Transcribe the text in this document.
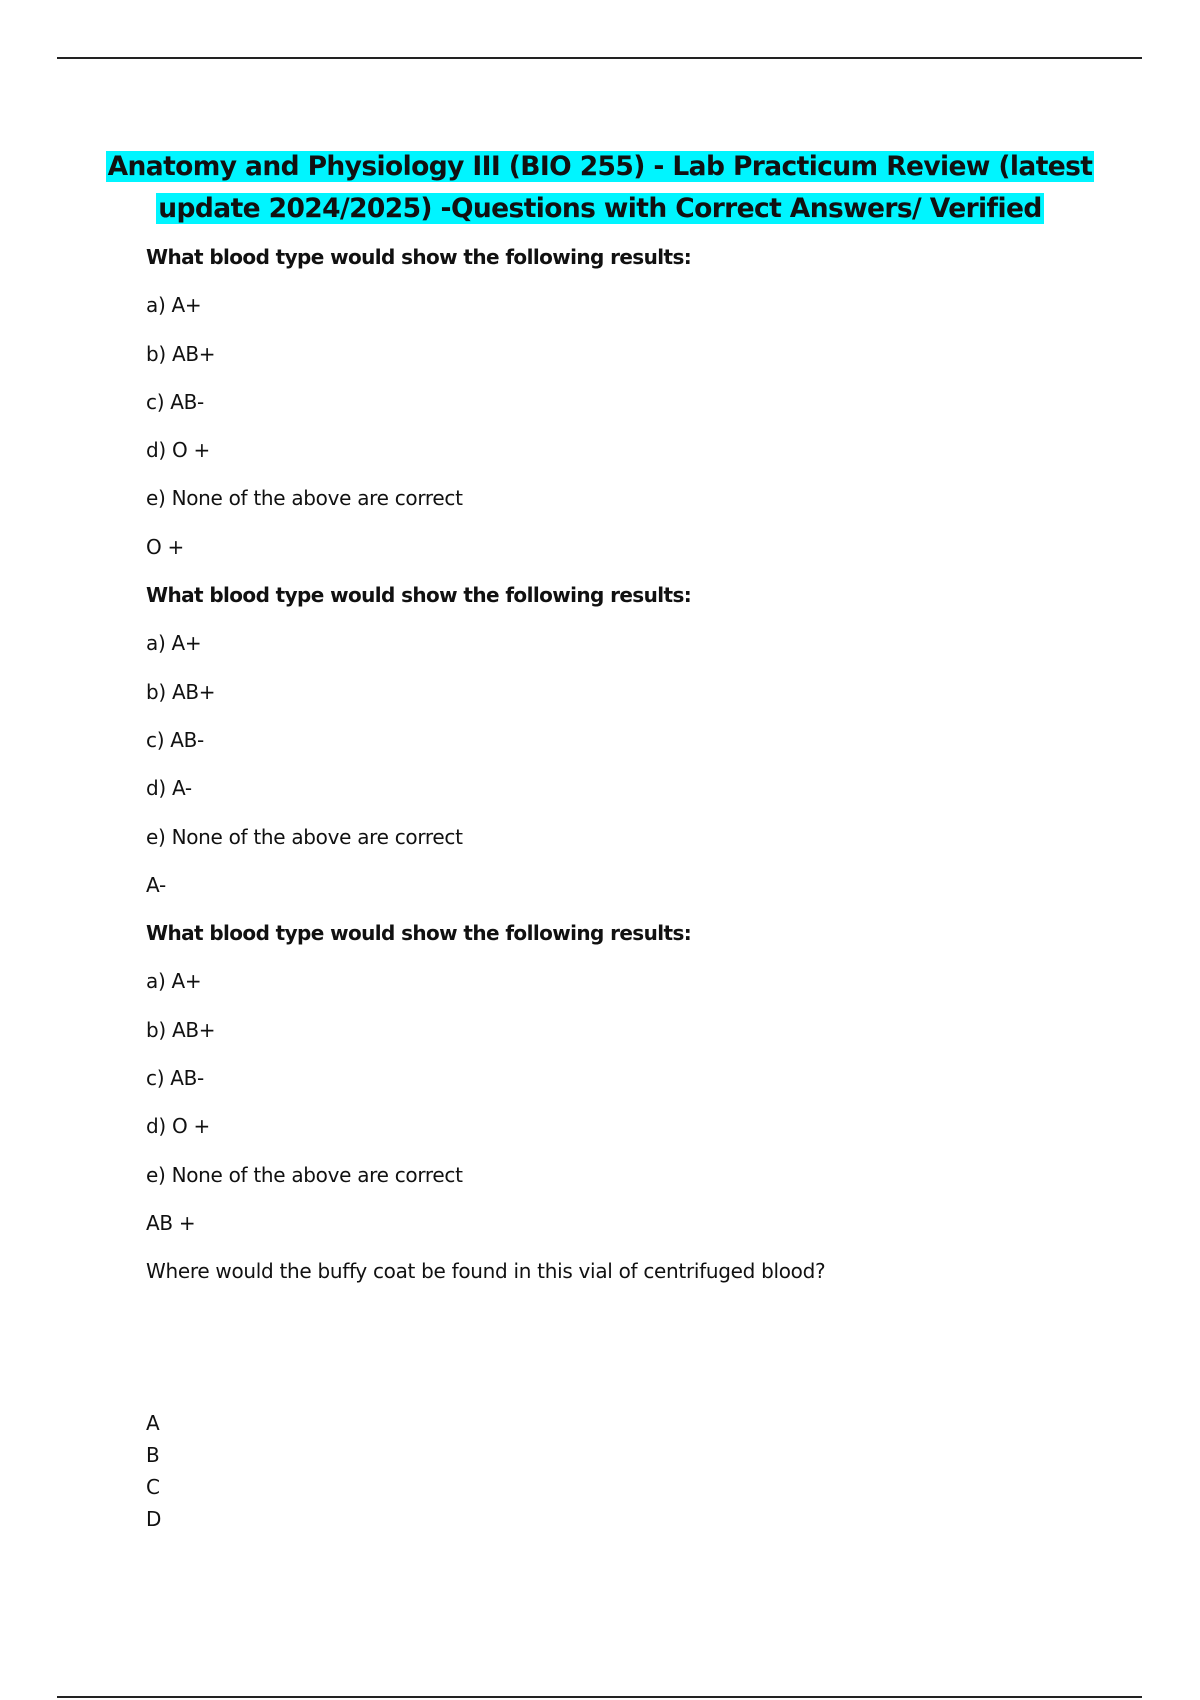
Anatomy and Physiology III (BIO 255) - Lab Practicum Review (latest
update 2024/2025) -Questions with Correct Answers/ Verified
What blood type would show the following results:
a) A+
b) AB+
c) AB-
d) O +
e) None of the above are correct
O +
What blood type would show the following results:
a) A+
b) AB+
c) AB-
d) A-
e) None of the above are correct
A-
What blood type would show the following results:
a) A+
b) AB+
c) AB-
d) O +
e) None of the above are correct
AB +
Where would the buffy coat be found in this vial of centrifuged blood?
A
B
C
D
